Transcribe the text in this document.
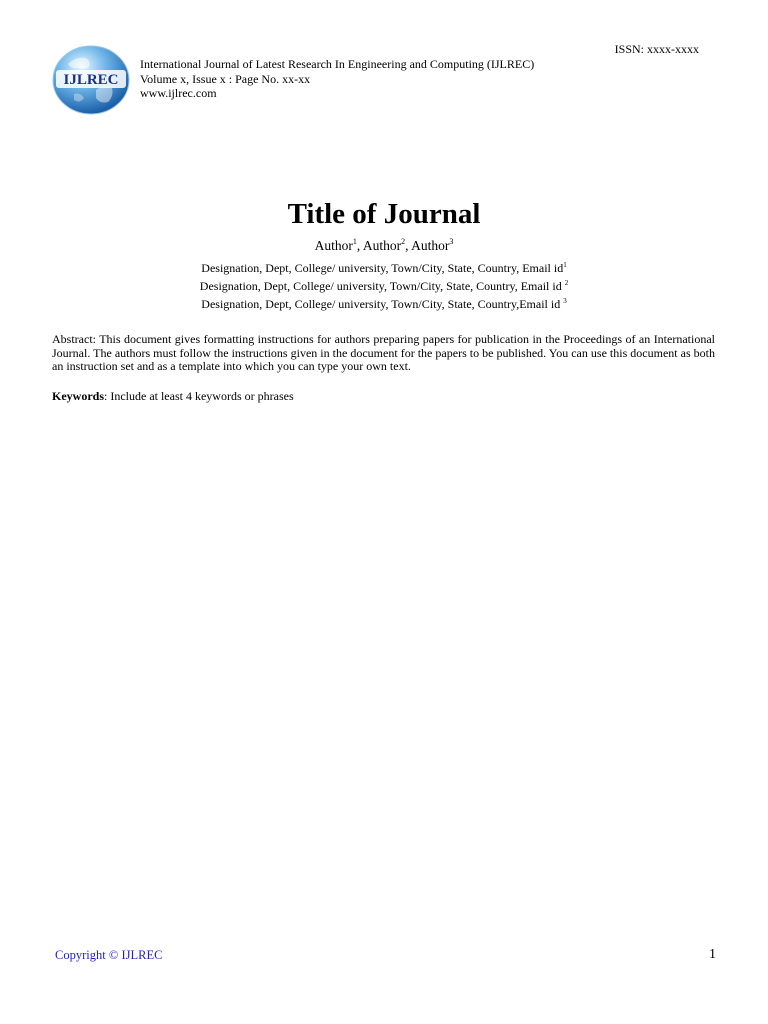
IJLREC
ISSN: xxxx-xxxx
International Journal of Latest Research In Engineering and Computing (IJLREC)
Volume x, Issue x : Page No. xx-xx
www.ijlrec.com
Title of Journal
Author$^1$, Author$^2$, Author$^3$
Designation, Dept, College/ university, Town/City, State, Country, Email $id^1$
Designation, Dept, College/ university, Town/City, State, Country, Email id $^2$
Designation, Dept, College/ university, Town/City, State, Country,Email id $^3$
Abstract: This document gives formatting instructions for authors preparing papers for publication in the Proceedings of an International Journal. The authors must follow the instructions given in the document for the papers to be published. You can use this document as both an instruction set and as a template into which you can type your own text.
Keywords: Include at least 4 keywords or phrases
Copyright © IJLREC	1
